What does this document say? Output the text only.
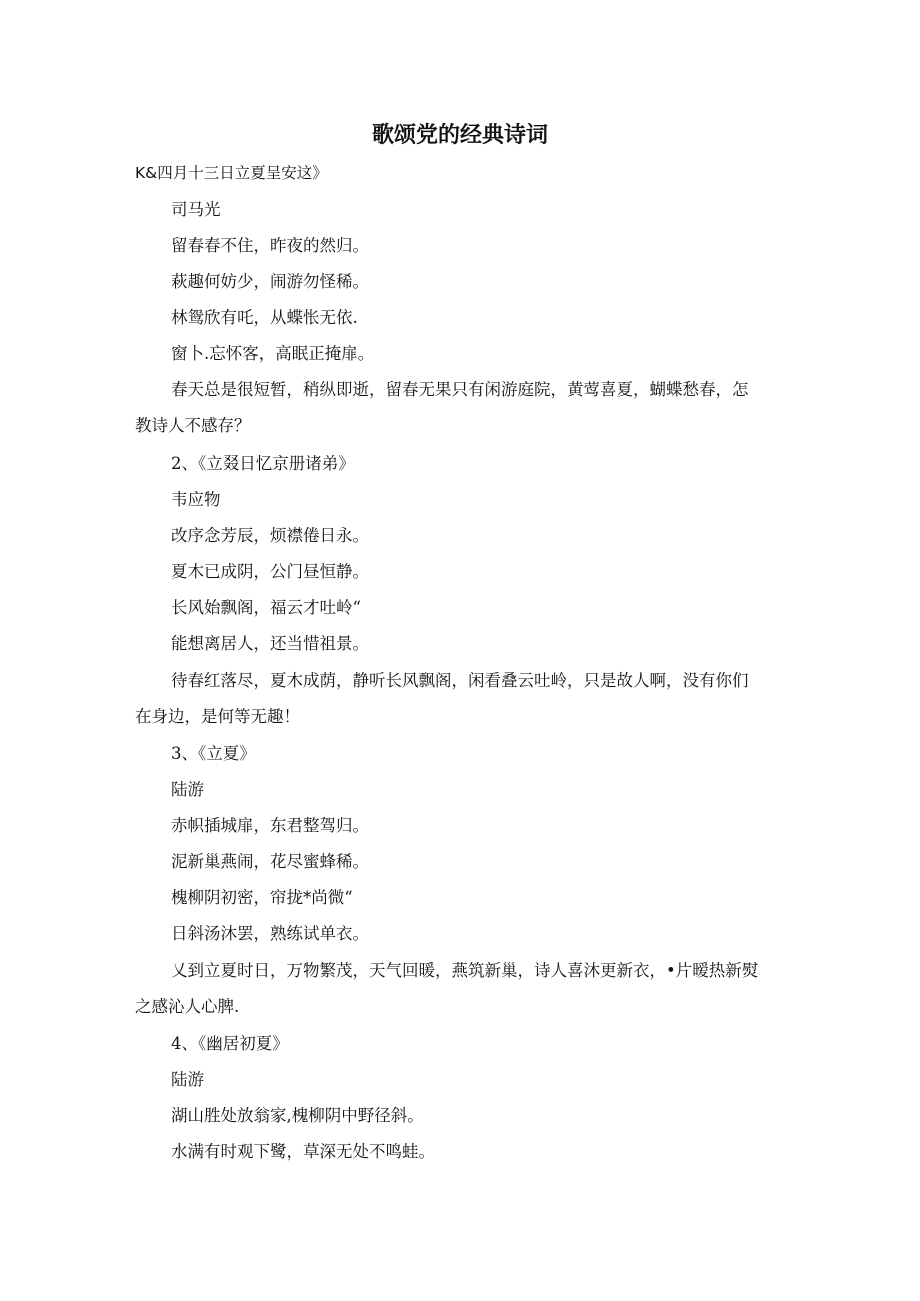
歌颂党的经典诗词
K&四月十三日立夏呈安这》
司马光
留春春不住，昨夜的然归。
萩趣何妨少，闹游勿怪稀。
林鸳欣有吒，从蝶怅无依.
窗卜.忘怀客，高眠正掩扉。
春天总是很短暂，稍纵即逝，留春无果只有闲游庭院，黄莺喜夏，蝴蝶愁春，怎
教诗人不感存？
2、《立叕日忆京册诸弟》
韦应物
改序念芳辰，烦襟倦日永。
夏木已成阴，公门昼恒静。
长风始飘阁，福云才吐岭“
能想离居人，还当惜祖景。
待春红落尽，夏木成荫，静听长风飘阁，闲看叠云吐岭，只是故人啊，没有你们
在身边，是何等无趣！
3、《立夏》
陆游
赤帜插城扉，东君整驾归。
泥新巢燕闹，花尽蜜蜂稀。
槐柳阴初密，帘拢*尚微“
日斜汤沐罢，熟练试单衣。
乂到立夏时日，万物繁茂，天气回暖，燕筑新巢，诗人喜沐更新衣，•片暧热新熨
之感沁人心脾.
4、《幽居初夏》
陆游
湖山胜处放翁家,槐柳阴中野径斜。
水满有时观下鹭，草深无处不鸣蛙。
